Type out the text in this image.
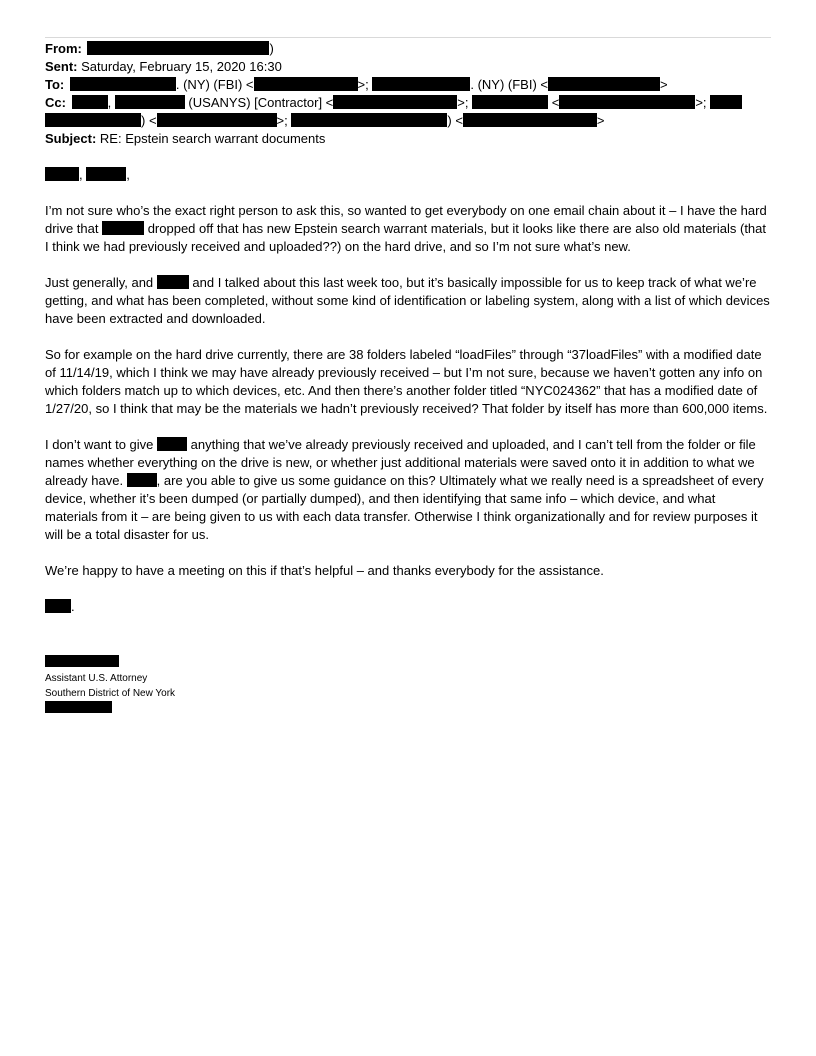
From:	)
Sent: Saturday, February 15, 2020 16:30
To:	. (NY) (FBI) <	>;	. (NY) (FBI) <	>
Cc:	,	(USANYS) [Contractor] <	>;	<	>;
) <	>;	) <	>
Subject: RE: Epstein search warrant documents

,	,

I’m not sure who’s the exact right person to ask this, so wanted to get everybody on one email chain about it – I have the hard drive that	dropped off that has new Epstein search warrant materials, but it looks like there are also old materials (that I think we had previously received and uploaded??) on the hard drive, and so I’m not sure what’s new.

Just generally, and  and I talked about this last week too, but it’s basically impossible for us to keep track of what we’re getting, and what has been completed, without some kind of identification or labeling system, along with a list of which devices have been extracted and downloaded.

So for example on the hard drive currently, there are 38 folders labeled “loadFiles” through “37loadFiles” with a modified date of 11/14/19, which I think we may have already previously received – but I’m not sure, because we haven’t gotten any info on which folders match up to which devices, etc. And then there’s another folder titled “NYC024362” that has a modified date of 1/27/20, so I think that may be the materials we hadn’t previously received? That folder by itself has more than 600,000 items.

I don’t want to give  anything that we’ve already previously received and uploaded, and I can’t tell from the folder or file names whether everything on the drive is new, or whether just additional materials were saved onto it in addition to what we already have. , are you able to give us some guidance on this? Ultimately what we really need is a spreadsheet of every device, whether it’s been dumped (or partially dumped), and then identifying that same info – which device, and what materials from it – are being given to us with each data transfer. Otherwise I think organizationally and for review purposes it will be a total disaster for us.

We’re happy to have a meeting on this if that’s helpful – and thanks everybody for the assistance.

.

Assistant U.S. Attorney
Southern District of New York
